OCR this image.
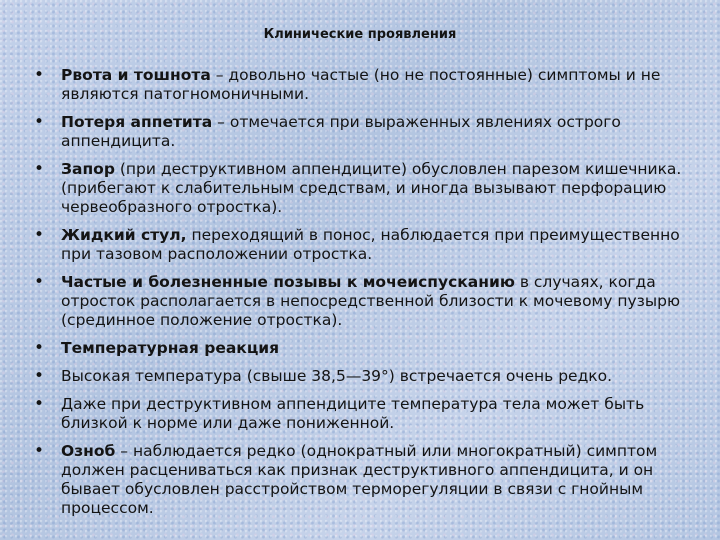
Клинические проявления
• Рвота и тошнота – довольно частые (но не постоянные) симптомы и не являются патогномоничными.
• Потеря аппетита – отмечается при выраженных явлениях острого аппендицита.
• Запор (при деструктивном аппендиците) обусловлен парезом кишечника. (прибегают к слабительным средствам, и иногда вызывают перфорацию червеобразного отростка).
• Жидкий стул, переходящий в понос, наблюдается при преимущественно при тазовом расположении отростка.
• Частые и болезненные позывы к мочеиспусканию в случаях, когда отросток располагается в непосредственной близости к мочевому пузырю (срединное положение отростка).
• Температурная реакция
• Высокая температура (свыше 38,5—39°) встречается очень редко.
• Даже при деструктивном аппендиците температура тела может быть близкой к норме или даже пониженной.
• Озноб – наблюдается редко (однократный или многократный) симптом должен расцениваться как признак деструктивного аппендицита, и он бывает обусловлен расстройством терморегуляции в связи с гнойным процессом.
